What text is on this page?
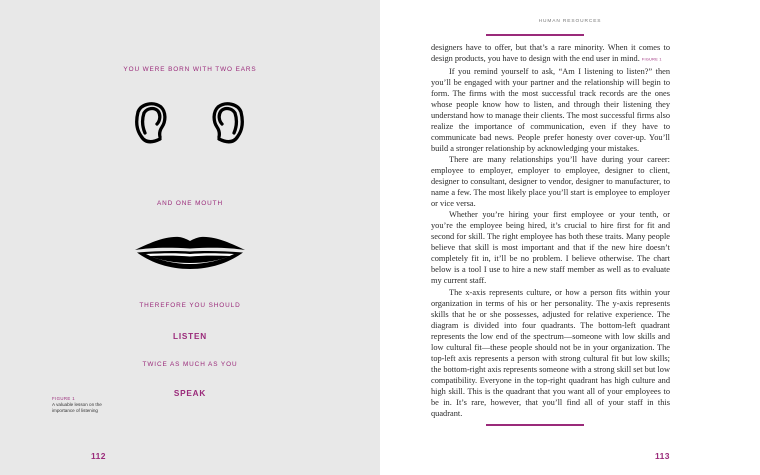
YOU WERE BORN WITH TWO EARS
AND ONE MOUTH
THEREFORE YOU SHOULD
LISTEN
TWICE AS MUCH AS YOU
SPEAK
FIGURE 1
A valuable lesson on the importance of listening
112
HUMAN RESOURCES

designers have to offer, but that’s a rare minority. When it comes to design products, you have to design with the end user in mind. FIGURE 1

If you remind yourself to ask, “Am I listening to listen?” then you’ll be engaged with your partner and the relationship will begin to form. The firms with the most successful track records are the ones whose people know how to listen, and through their listening they understand how to manage their clients. The most successful firms also realize the importance of communication, even if they have to communicate bad news. People prefer honesty over cover-up. You’ll build a stronger relationship by acknowledging your mistakes.

There are many relationships you’ll have during your career: employee to employer, employer to employee, designer to client, designer to consultant, designer to vendor, designer to manufacturer, to name a few. The most likely place you’ll start is employee to employer or vice versa.

Whether you’re hiring your first employee or your tenth, or you’re the employee being hired, it’s crucial to hire first for fit and second for skill. The right employee has both these traits. Many people believe that skill is most important and that if the new hire doesn’t completely fit in, it’ll be no problem. I believe otherwise. The chart below is a tool I use to hire a new staff member as well as to evaluate my current staff.

The x-axis represents culture, or how a person fits within your organization in terms of his or her personality. The y-axis represents skills that he or she possesses, adjusted for relative experience. The diagram is divided into four quadrants. The bottom-left quadrant represents the low end of the spectrum—someone with low skills and low cultural fit—these people should not be in your organization. The top-left axis represents a person with strong cultural fit but low skills; the bottom-right axis represents someone with a strong skill set but low compatibility. Everyone in the top-right quadrant has high culture and high skill. This is the quadrant that you want all of your employees to be in. It’s rare, however, that you’ll find all of your staff in this quadrant.

113
